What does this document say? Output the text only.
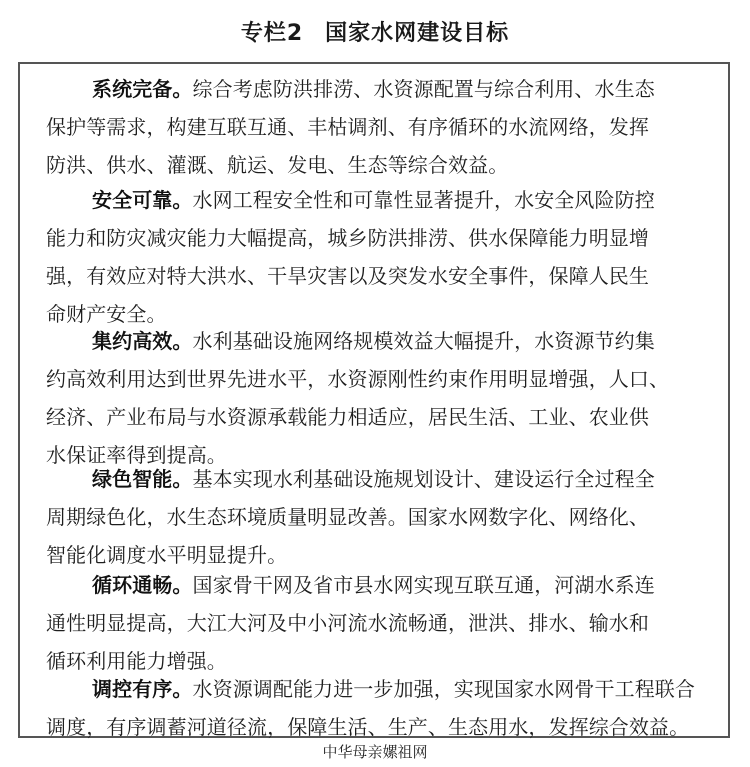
专栏2 国家水网建设目标
系统完备。综合考虑防洪排涝、水资源配置与综合利用、水生态
保护等需求，构建互联互通、丰枯调剂、有序循环的水流网络，发挥
防洪、供水、灌溉、航运、发电、生态等综合效益。
安全可靠。水网工程安全性和可靠性显著提升，水安全风险防控
能力和防灾减灾能力大幅提高，城乡防洪排涝、供水保障能力明显增
强，有效应对特大洪水、干旱灾害以及突发水安全事件，保障人民生
命财产安全。
集约高效。水利基础设施网络规模效益大幅提升，水资源节约集
约高效利用达到世界先进水平，水资源刚性约束作用明显增强，人口、
经济、产业布局与水资源承载能力相适应，居民生活、工业、农业供
水保证率得到提高。
绿色智能。基本实现水利基础设施规划设计、建设运行全过程全
周期绿色化，水生态环境质量明显改善。国家水网数字化、网络化、
智能化调度水平明显提升。
循环通畅。国家骨干网及省市县水网实现互联互通，河湖水系连
通性明显提高，大江大河及中小河流水流畅通，泄洪、排水、输水和
循环利用能力增强。
调控有序。水资源调配能力进一步加强，实现国家水网骨干工程联合
调度，有序调蓄河道径流，保障生活、生产、生态用水，发挥综合效益。
中华母亲嫘祖网
